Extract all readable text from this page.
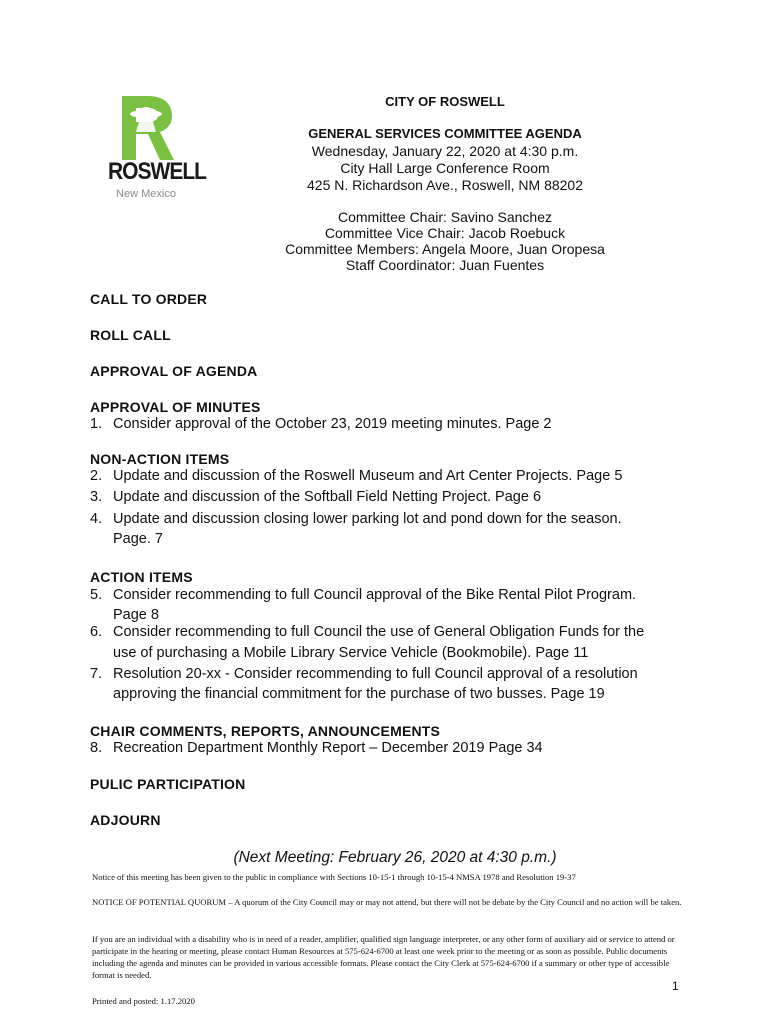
ROSWELL
New Mexico
CITY OF ROSWELL
GENERAL SERVICES COMMITTEE AGENDA
Wednesday, January 22, 2020 at 4:30 p.m.
City Hall Large Conference Room
425 N. Richardson Ave., Roswell, NM 88202
Committee Chair: Savino Sanchez
Committee Vice Chair: Jacob Roebuck
Committee Members: Angela Moore, Juan Oropesa
Staff Coordinator: Juan Fuentes
CALL TO ORDER
ROLL CALL
APPROVAL OF AGENDA
APPROVAL OF MINUTES
1. Consider approval of the October 23, 2019 meeting minutes. Page 2
NON-ACTION ITEMS
2. Update and discussion of the Roswell Museum and Art Center Projects. Page 5
3. Update and discussion of the Softball Field Netting Project. Page 6
4. Update and discussion closing lower parking lot and pond down for the season.
Page. 7
ACTION ITEMS
5. Consider recommending to full Council approval of the Bike Rental Pilot Program.
Page 8
6. Consider recommending to full Council the use of General Obligation Funds for the
use of purchasing a Mobile Library Service Vehicle (Bookmobile). Page 11
7. Resolution 20-xx - Consider recommending to full Council approval of a resolution
approving the financial commitment for the purchase of two busses. Page 19
CHAIR COMMENTS, REPORTS, ANNOUNCEMENTS
8. Recreation Department Monthly Report – December 2019 Page 34
PULIC PARTICIPATION
ADJOURN
(Next Meeting: February 26, 2020 at 4:30 p.m.)
Notice of this meeting has been given to the public in compliance with Sections 10-15-1 through 10-15-4 NMSA 1978 and Resolution 19-37
NOTICE OF POTENTIAL QUORUM – A quorum of the City Council may or may not attend, but there will not be debate by the City Council and no action will be taken.
If you are an individual with a disability who is in need of a reader, amplifier, qualified sign language interpreter, or any other form of auxiliary aid or service to attend or participate in the hearing or meeting, please contact Human Resources at 575-624-6700 at least one week prior to the meeting or as soon as possible. Public documents including the agenda and minutes can be provided in various accessible formats. Please contact the City Clerk at 575-624-6700 if a summary or other type of accessible format is needed.
1
Printed and posted: 1.17.2020
